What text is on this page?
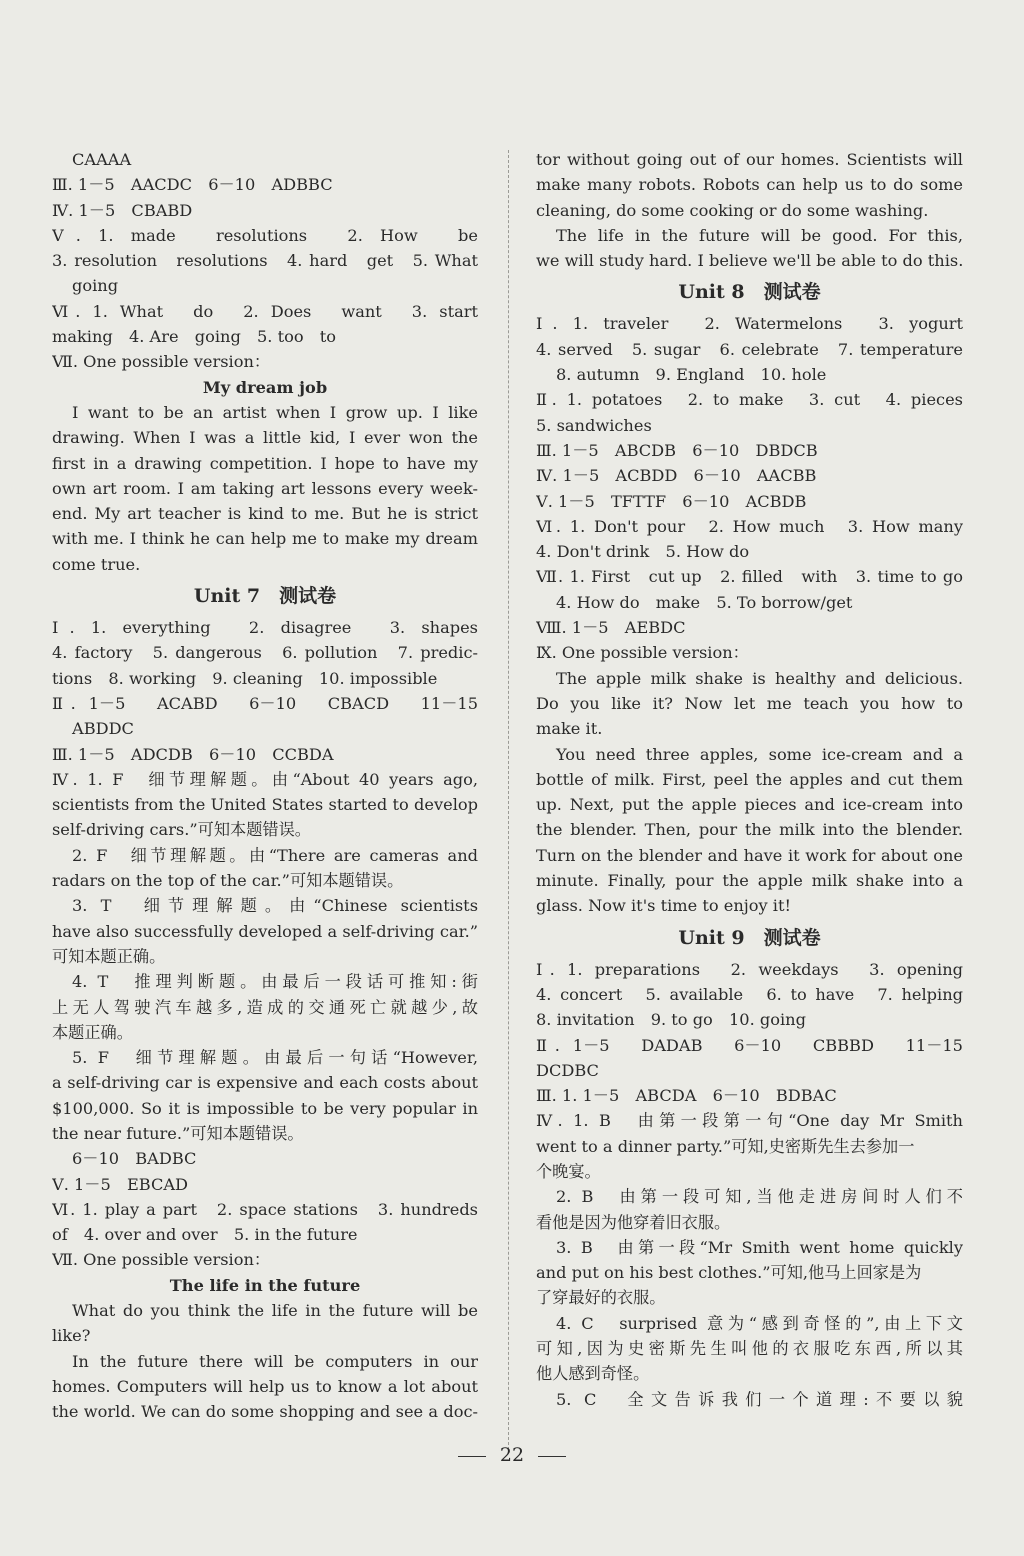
CAAAA
Ⅲ. 1－5　AACDC　6－10　ADBBC
Ⅳ. 1－5　CBABD
Ⅴ. 1. made　resolutions　2. How　be
3. resolution　resolutions　4. hard　get　5. What
going
Ⅵ. 1. What　do　2. Does　want　3. start
making　4. Are　going　5. too　to
Ⅶ. One possible version：
My dream job
I want to be an artist when I grow up. I like
drawing. When I was a little kid, I ever won the
first in a drawing competition. I hope to have my
own art room. I am taking art lessons every week-
end. My art teacher is kind to me. But he is strict
with me. I think he can help me to make my dream
come true.
Unit 7　测试卷
Ⅰ. 1. everything　2. disagree　3. shapes
4. factory　5. dangerous　6. pollution　7. predic-
tions　8. working　9. cleaning　10. impossible
Ⅱ. 1－5　ACABD　6－10　CBACD　11－15
ABDDC
Ⅲ. 1－5　ADCDB　6－10　CCBDA
Ⅳ. 1. F　细节理解题。由“About 40 years ago,
scientists from the United States started to develop
self-driving cars.”可知本题错误。
2. F　细节理解题。由“There are cameras and
radars on the top of the car.”可知本题错误。
3. T　细节理解题。由“Chinese scientists
have also successfully developed a self-driving car.”
可知本题正确。
4. T　推理判断题。由最后一段话可推知:街
上无人驾驶汽车越多,造成的交通死亡就越少,故
本题正确。
5. F　细节理解题。由最后一句话“However,
a self-driving car is expensive and each costs about
$100,000. So it is impossible to be very popular in
the near future.”可知本题错误。
6－10　BADBC
Ⅴ. 1－5　EBCAD
Ⅵ. 1. play a part　2. space stations　3. hundreds
of　4. over and over　5. in the future
Ⅶ. One possible version：
The life in the future
What do you think the life in the future will be
like?
In the future there will be computers in our
homes. Computers will help us to know a lot about
the world. We can do some shopping and see a doc-
tor without going out of our homes. Scientists will
make many robots. Robots can help us to do some
cleaning, do some cooking or do some washing.
The life in the future will be good. For this,
we will study hard. I believe we'll be able to do this.
Unit 8　测试卷
Ⅰ. 1. traveler　2. Watermelons　3. yogurt
4. served　5. sugar　6. celebrate　7. temperature
8. autumn　9. England　10. hole
Ⅱ. 1. potatoes　2. to make　3. cut　4. pieces
5. sandwiches
Ⅲ. 1－5　ABCDB　6－10　DBDCB
Ⅳ. 1－5　ACBDD　6－10　AACBB
Ⅴ. 1－5　TFTTF　6－10　ACBDB
Ⅵ. 1. Don't pour　2. How much　3. How many
4. Don't drink　5. How do
Ⅶ. 1. First　cut up　2. filled　with　3. time to go
4. How do　make　5. To borrow/get
Ⅷ. 1－5　AEBDC
Ⅸ. One possible version：
The apple milk shake is healthy and delicious.
Do you like it? Now let me teach you how to
make it.
You need three apples, some ice-cream and a
bottle of milk. First, peel the apples and cut them
up. Next, put the apple pieces and ice-cream into
the blender. Then, pour the milk into the blender.
Turn on the blender and have it work for about one
minute. Finally, pour the apple milk shake into a
glass. Now it's time to enjoy it!
Unit 9　测试卷
Ⅰ. 1. preparations　2. weekdays　3. opening
4. concert　5. available　6. to have　7. helping
8. invitation　9. to go　10. going
Ⅱ. 1－5　DADAB　6－10　CBBBD　11－15
DCDBC
Ⅲ. 1. 1－5　ABCDA　6－10　BDBAC
Ⅳ. 1. B　由第一段第一句“One day Mr Smith
went to a dinner party.”可知,史密斯先生去参加一
个晚宴。
2. B　由第一段可知,当他走进房间时人们不
看他是因为他穿着旧衣服。
3. B　由第一段“Mr Smith went home quickly
and put on his best clothes.”可知,他马上回家是为
了穿最好的衣服。
4. C　surprised 意为“感到奇怪的”,由上下文
可知,因为史密斯先生叫他的衣服吃东西,所以其
他人感到奇怪。
5. C　全文告诉我们一个道理:不要以貌
22
